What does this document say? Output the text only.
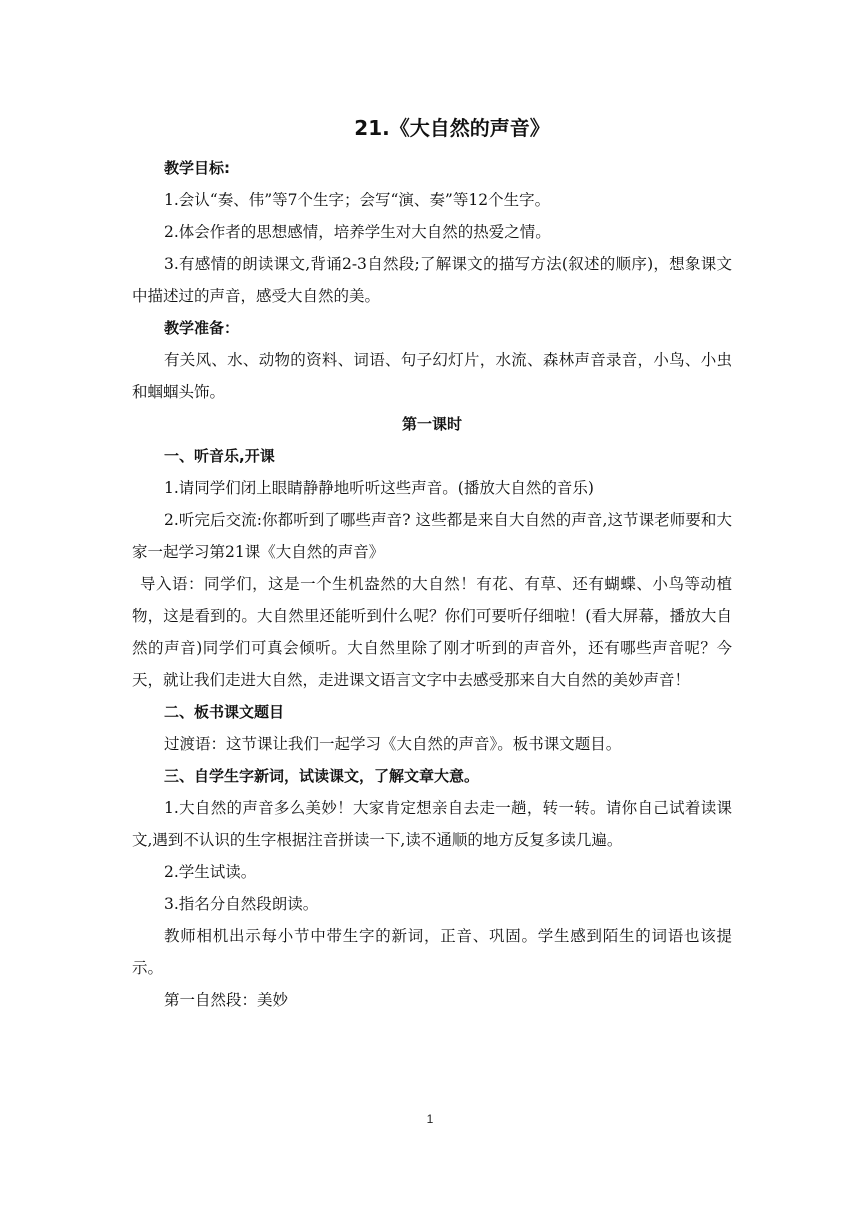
21.《大自然的声音》

教学目标:

1.会认“奏、伟”等7个生字；会写“演、奏”等12个生字。

2.体会作者的思想感情，培养学生对大自然的热爱之情。

3.有感情的朗读课文,背诵2-3自然段;了解课文的描写方法(叙述的顺序)，想象课文中描述过的声音，感受大自然的美。

教学准备：

有关风、水、动物的资料、词语、句子幻灯片，水流、森林声音录音，小鸟、小虫和蝈蝈头饰。

第一课时

一、听音乐,开课

1.请同学们闭上眼睛静静地听听这些声音。(播放大自然的音乐)

2.听完后交流:你都听到了哪些声音? 这些都是来自大自然的声音,这节课老师要和大家一起学习第21课《大自然的声音》

导入语：同学们，这是一个生机盎然的大自然！有花、有草、还有蝴蝶、小鸟等动植物，这是看到的。大自然里还能听到什么呢？你们可要听仔细啦！(看大屏幕，播放大自然的声音)同学们可真会倾听。大自然里除了刚才听到的声音外，还有哪些声音呢？今天，就让我们走进大自然，走进课文语言文字中去感受那来自大自然的美妙声音！

二、板书课文题目

过渡语：这节课让我们一起学习《大自然的声音》。板书课文题目。

三、自学生字新词，试读课文，了解文章大意。

1.大自然的声音多么美妙！大家肯定想亲自去走一趟，转一转。请你自己试着读课文,遇到不认识的生字根据注音拼读一下,读不通顺的地方反复多读几遍。

2.学生试读。

3.指名分自然段朗读。

教师相机出示每小节中带生字的新词，正音、巩固。学生感到陌生的词语也该提示。

第一自然段：美妙

1
